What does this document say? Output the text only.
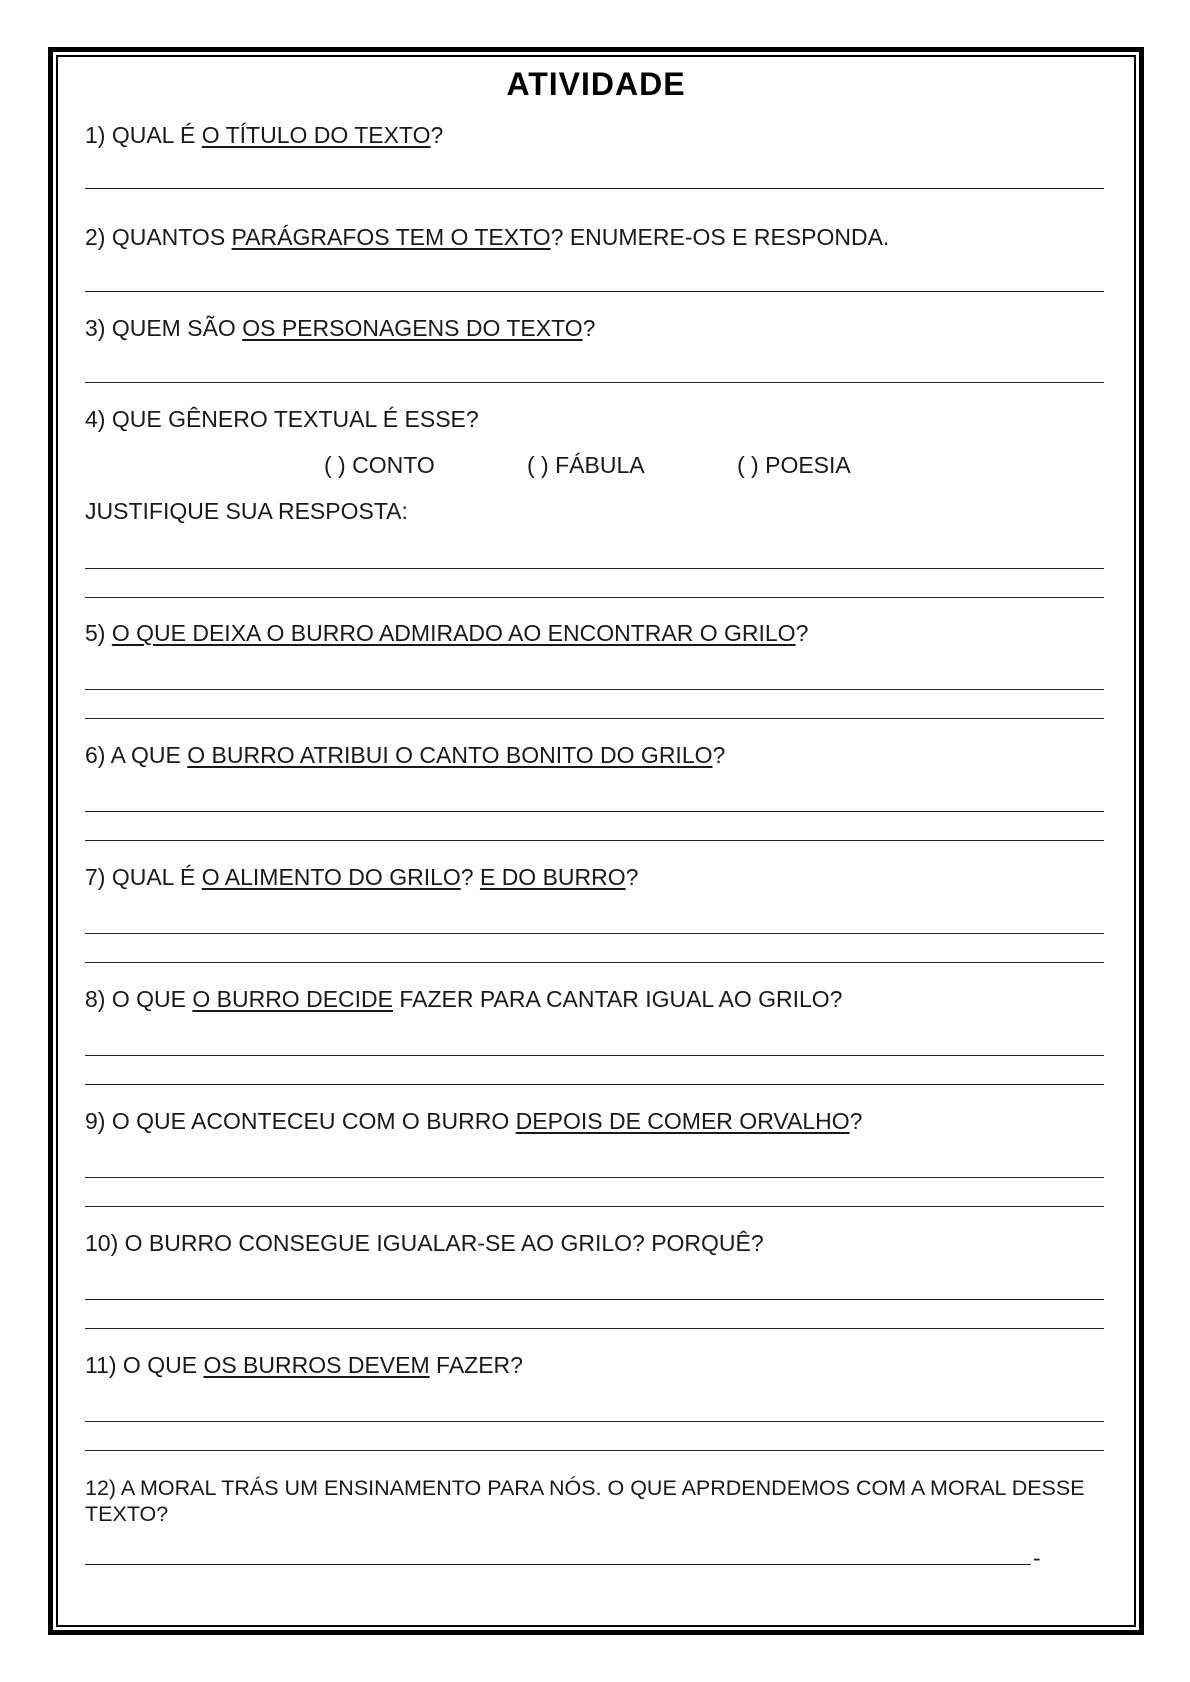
ATIVIDADE
1) QUAL É O TÍTULO DO TEXTO?
2) QUANTOS PARÁGRAFOS TEM O TEXTO? ENUMERE-OS E RESPONDA.
3) QUEM SÃO OS PERSONAGENS DO TEXTO?
4) QUE GÊNERO TEXTUAL É ESSE?
( ) CONTO	( ) FÁBULA	( ) POESIA
JUSTIFIQUE SUA RESPOSTA:
5) O QUE DEIXA O BURRO ADMIRADO AO ENCONTRAR O GRILO?
6) A QUE O BURRO ATRIBUI O CANTO BONITO DO GRILO?
7) QUAL É O ALIMENTO DO GRILO? E DO BURRO?
8) O QUE O BURRO DECIDE FAZER PARA CANTAR IGUAL AO GRILO?
9) O QUE ACONTECEU COM O BURRO DEPOIS DE COMER ORVALHO?
10) O BURRO CONSEGUE IGUALAR-SE AO GRILO? PORQUÊ?
11) O QUE OS BURROS DEVEM FAZER?
12) A MORAL TRÁS UM ENSINAMENTO PARA NÓS. O QUE APRDENDEMOS COM A MORAL DESSE TEXTO?
-
